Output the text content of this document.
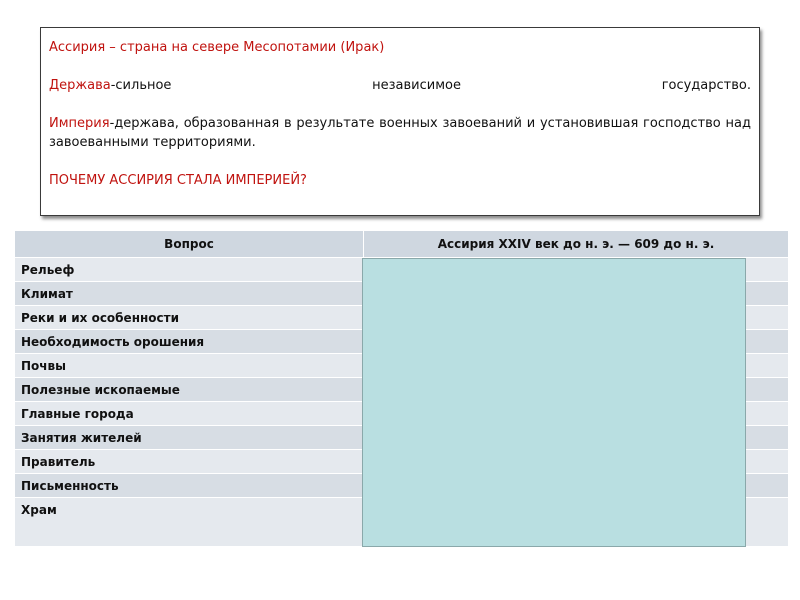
Ассирия – страна на севере Месопотамии (Ирак)

Держава-сильное	независимое	государство.

Империя-держава, образованная в результате военных завоеваний и установившая господство над завоеванными территориями.

ПОЧЕМУ АССИРИЯ СТАЛА ИМПЕРИЕЙ?

Вопрос	Ассирия XXIV век до н. э. — 609 до н. э.
Рельеф	
Климат	
Реки и их особенности	
Необходимость орошения	
Почвы	
Полезные ископаемые	
Главные города	
Занятия жителей	
Правитель	
Письменность	
Храм	
